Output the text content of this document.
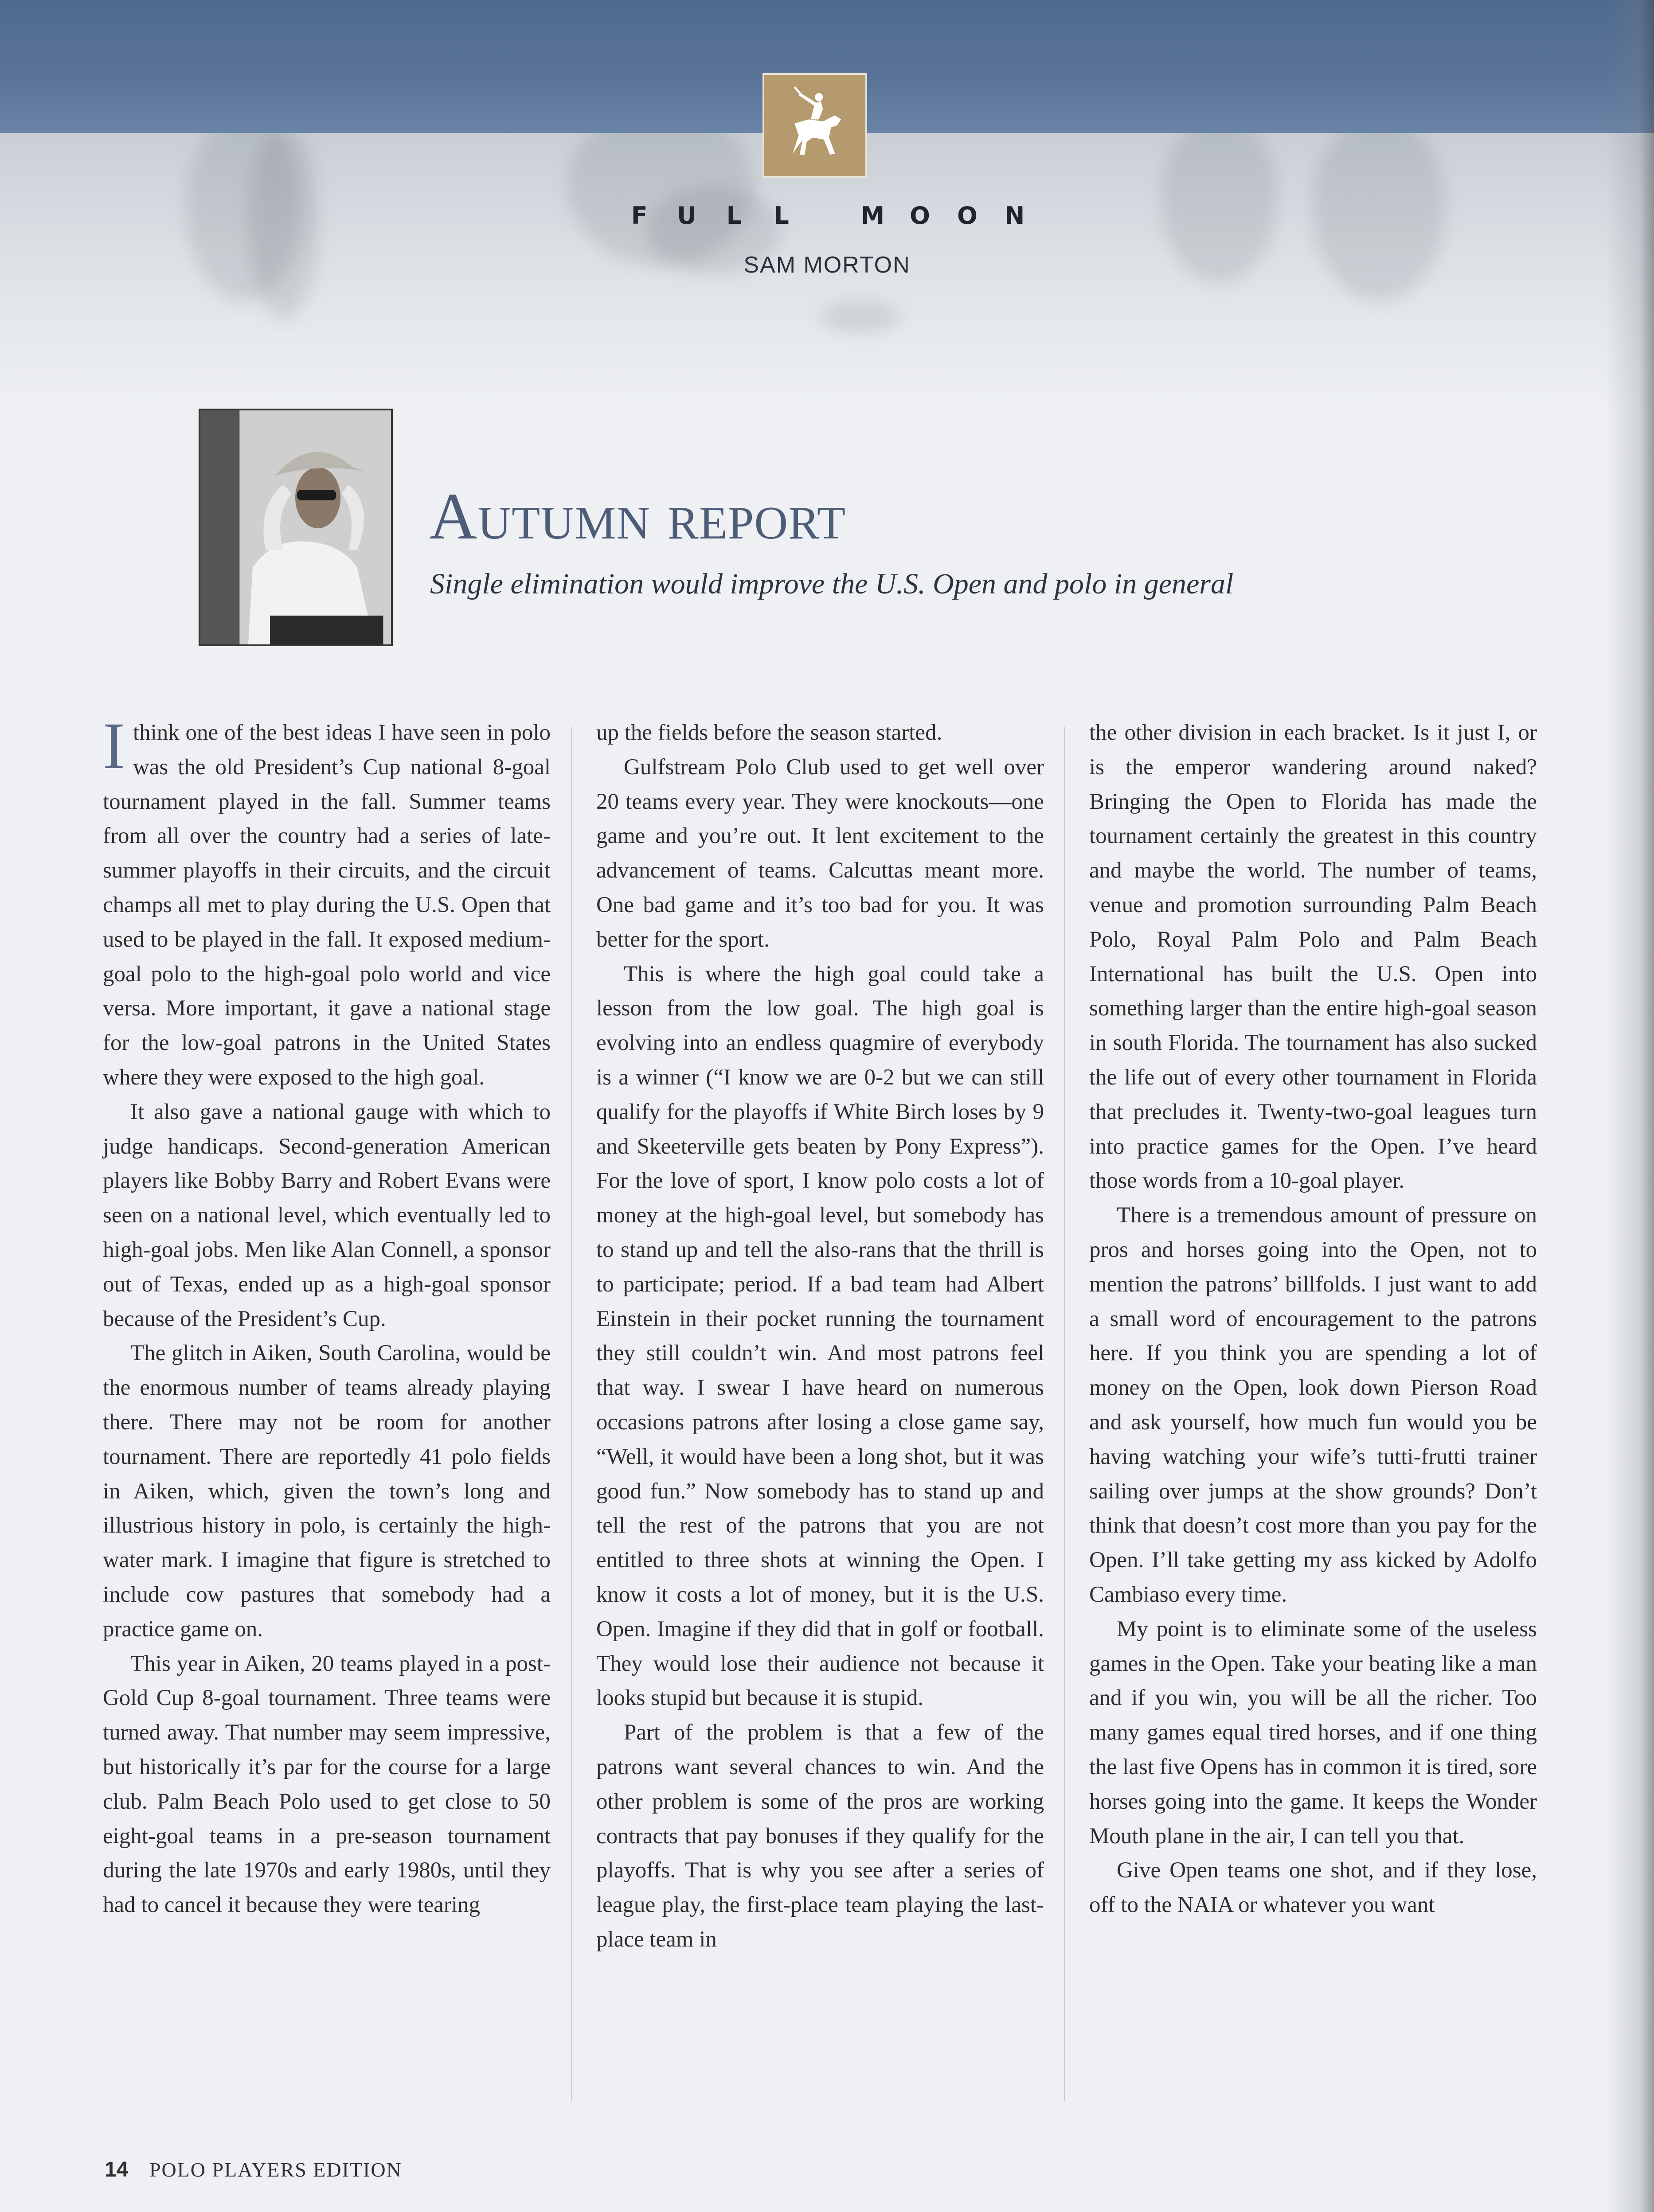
F U L L	M O O N
SAM MORTON
Autumn report

Single elimination would improve the U.S. Open and polo in general

I think one of the best ideas I have seen in polo was the old President’s Cup national 8-goal tournament played in the fall. Summer teams from all over the country had a series of late-summer playoffs in their circuits, and the circuit champs all met to play during the U.S. Open that used to be played in the fall. It exposed medium-goal polo to the high-goal polo world and vice versa. More important, it gave a national stage for the low-goal patrons in the United States where they were exposed to the high goal.

It also gave a national gauge with which to judge handicaps. Second-generation American players like Bobby Barry and Robert Evans were seen on a national level, which eventually led to high-goal jobs. Men like Alan Connell, a sponsor out of Texas, ended up as a high-goal sponsor because of the President’s Cup.

The glitch in Aiken, South Carolina, would be the enormous number of teams already playing there. There may not be room for another tournament. There are reportedly 41 polo fields in Aiken, which, given the town’s long and illustrious history in polo, is certainly the high-water mark. I imagine that figure is stretched to include cow pastures that somebody had a practice game on.

This year in Aiken, 20 teams played in a post-Gold Cup 8-goal tournament. Three teams were turned away. That number may seem impressive, but historically it’s par for the course for a large club. Palm Beach Polo used to get close to 50 eight-goal teams in a pre-season tournament during the late 1970s and early 1980s, until they had to cancel it because they were tearing

up the fields before the season started.

Gulfstream Polo Club used to get well over 20 teams every year. They were knockouts—one game and you’re out. It lent excitement to the advancement of teams. Calcuttas meant more. One bad game and it’s too bad for you. It was better for the sport.

This is where the high goal could take a lesson from the low goal. The high goal is evolving into an endless quagmire of everybody is a winner (“I know we are 0-2 but we can still qualify for the playoffs if White Birch loses by 9 and Skeeterville gets beaten by Pony Express”). For the love of sport, I know polo costs a lot of money at the high-goal level, but somebody has to stand up and tell the also-rans that the thrill is to participate; period. If a bad team had Albert Einstein in their pocket running the tournament they still couldn’t win. And most patrons feel that way. I swear I have heard on numerous occasions patrons after losing a close game say, “Well, it would have been a long shot, but it was good fun.” Now somebody has to stand up and tell the rest of the patrons that you are not entitled to three shots at winning the Open. I know it costs a lot of money, but it is the U.S. Open. Imagine if they did that in golf or football. They would lose their audience not because it looks stupid but because it is stupid.

Part of the problem is that a few of the patrons want several chances to win. And the other problem is some of the pros are working contracts that pay bonuses if they qualify for the playoffs. That is why you see after a series of league play, the first-place team playing the last-place team in

the other division in each bracket. Is it just I, or is the emperor wandering around naked? Bringing the Open to Florida has made the tournament certainly the greatest in this country and maybe the world. The number of teams, venue and promotion surrounding Palm Beach Polo, Royal Palm Polo and Palm Beach International has built the U.S. Open into something larger than the entire high-goal season in south Florida. The tournament has also sucked the life out of every other tournament in Florida that precludes it. Twenty-two-goal leagues turn into practice games for the Open. I’ve heard those words from a 10-goal player.

There is a tremendous amount of pressure on pros and horses going into the Open, not to mention the patrons’ billfolds. I just want to add a small word of encouragement to the patrons here. If you think you are spending a lot of money on the Open, look down Pierson Road and ask yourself, how much fun would you be having watching your wife’s tutti-frutti trainer sailing over jumps at the show grounds? Don’t think that doesn’t cost more than you pay for the Open. I’ll take getting my ass kicked by Adolfo Cambiaso every time.

My point is to eliminate some of the useless games in the Open. Take your beating like a man and if you win, you will be all the richer. Too many games equal tired horses, and if one thing the last five Opens has in common it is tired, sore horses going into the game. It keeps the Wonder Mouth plane in the air, I can tell you that.

Give Open teams one shot, and if they lose, off to the NAIA or whatever you want

14 POLO PLAYERS EDITION
